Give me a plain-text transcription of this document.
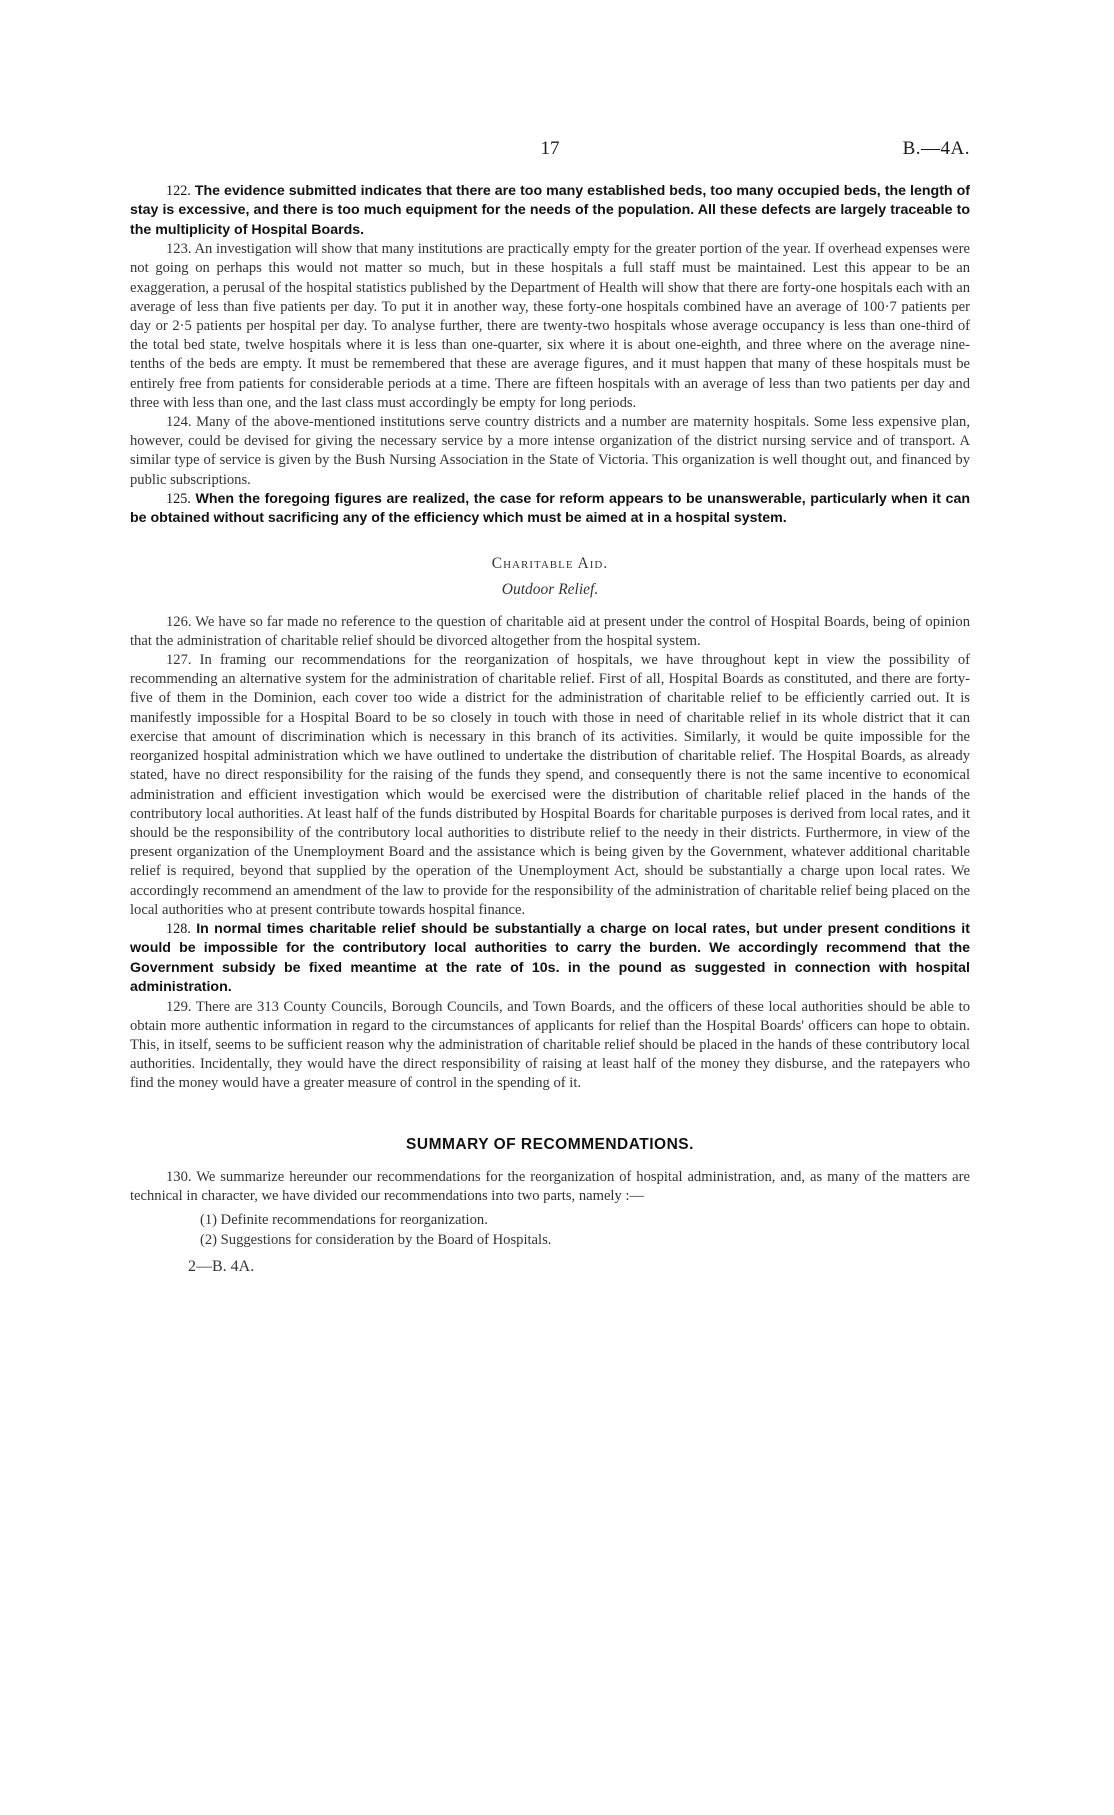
17	B.—4A.

122. The evidence submitted indicates that there are too many established beds, too many occupied beds, the length of stay is excessive, and there is too much equipment for the needs of the population. All these defects are largely traceable to the multiplicity of Hospital Boards.

123. An investigation will show that many institutions are practically empty for the greater portion of the year. If overhead expenses were not going on perhaps this would not matter so much, but in these hospitals a full staff must be maintained. Lest this appear to be an exaggeration, a perusal of the hospital statistics published by the Department of Health will show that there are forty-one hospitals each with an average of less than five patients per day. To put it in another way, these forty-one hospitals combined have an average of 100·7 patients per day or 2·5 patients per hospital per day. To analyse further, there are twenty-two hospitals whose average occupancy is less than one-third of the total bed state, twelve hospitals where it is less than one-quarter, six where it is about one-eighth, and three where on the average nine-tenths of the beds are empty. It must be remembered that these are average figures, and it must happen that many of these hospitals must be entirely free from patients for considerable periods at a time. There are fifteen hospitals with an average of less than two patients per day and three with less than one, and the last class must accordingly be empty for long periods.

124. Many of the above-mentioned institutions serve country districts and a number are maternity hospitals. Some less expensive plan, however, could be devised for giving the necessary service by a more intense organization of the district nursing service and of transport. A similar type of service is given by the Bush Nursing Association in the State of Victoria. This organization is well thought out, and financed by public subscriptions.

125. When the foregoing figures are realized, the case for reform appears to be unanswerable, particularly when it can be obtained without sacrificing any of the efficiency which must be aimed at in a hospital system.

Charitable Aid.
Outdoor Relief.

126. We have so far made no reference to the question of charitable aid at present under the control of Hospital Boards, being of opinion that the administration of charitable relief should be divorced altogether from the hospital system.

127. In framing our recommendations for the reorganization of hospitals, we have throughout kept in view the possibility of recommending an alternative system for the administration of charitable relief. First of all, Hospital Boards as constituted, and there are forty-five of them in the Dominion, each cover too wide a district for the administration of charitable relief to be efficiently carried out. It is manifestly impossible for a Hospital Board to be so closely in touch with those in need of charitable relief in its whole district that it can exercise that amount of discrimination which is necessary in this branch of its activities. Similarly, it would be quite impossible for the reorganized hospital administration which we have outlined to undertake the distribution of charitable relief. The Hospital Boards, as already stated, have no direct responsibility for the raising of the funds they spend, and consequently there is not the same incentive to economical administration and efficient investigation which would be exercised were the distribution of charitable relief placed in the hands of the contributory local authorities. At least half of the funds distributed by Hospital Boards for charitable purposes is derived from local rates, and it should be the responsibility of the contributory local authorities to distribute relief to the needy in their districts. Furthermore, in view of the present organization of the Unemployment Board and the assistance which is being given by the Government, whatever additional charitable relief is required, beyond that supplied by the operation of the Unemployment Act, should be substantially a charge upon local rates. We accordingly recommend an amendment of the law to provide for the responsibility of the administration of charitable relief being placed on the local authorities who at present contribute towards hospital finance.

128. In normal times charitable relief should be substantially a charge on local rates, but under present conditions it would be impossible for the contributory local authorities to carry the burden. We accordingly recommend that the Government subsidy be fixed meantime at the rate of 10s. in the pound as suggested in connection with hospital administration.

129. There are 313 County Councils, Borough Councils, and Town Boards, and the officers of these local authorities should be able to obtain more authentic information in regard to the circumstances of applicants for relief than the Hospital Boards' officers can hope to obtain. This, in itself, seems to be sufficient reason why the administration of charitable relief should be placed in the hands of these contributory local authorities. Incidentally, they would have the direct responsibility of raising at least half of the money they disburse, and the ratepayers who find the money would have a greater measure of control in the spending of it.

SUMMARY OF RECOMMENDATIONS.

130. We summarize hereunder our recommendations for the reorganization of hospital administration, and, as many of the matters are technical in character, we have divided our recommendations into two parts, namely :—

(1) Definite recommendations for reorganization.
(2) Suggestions for consideration by the Board of Hospitals.
2—B. 4A.
